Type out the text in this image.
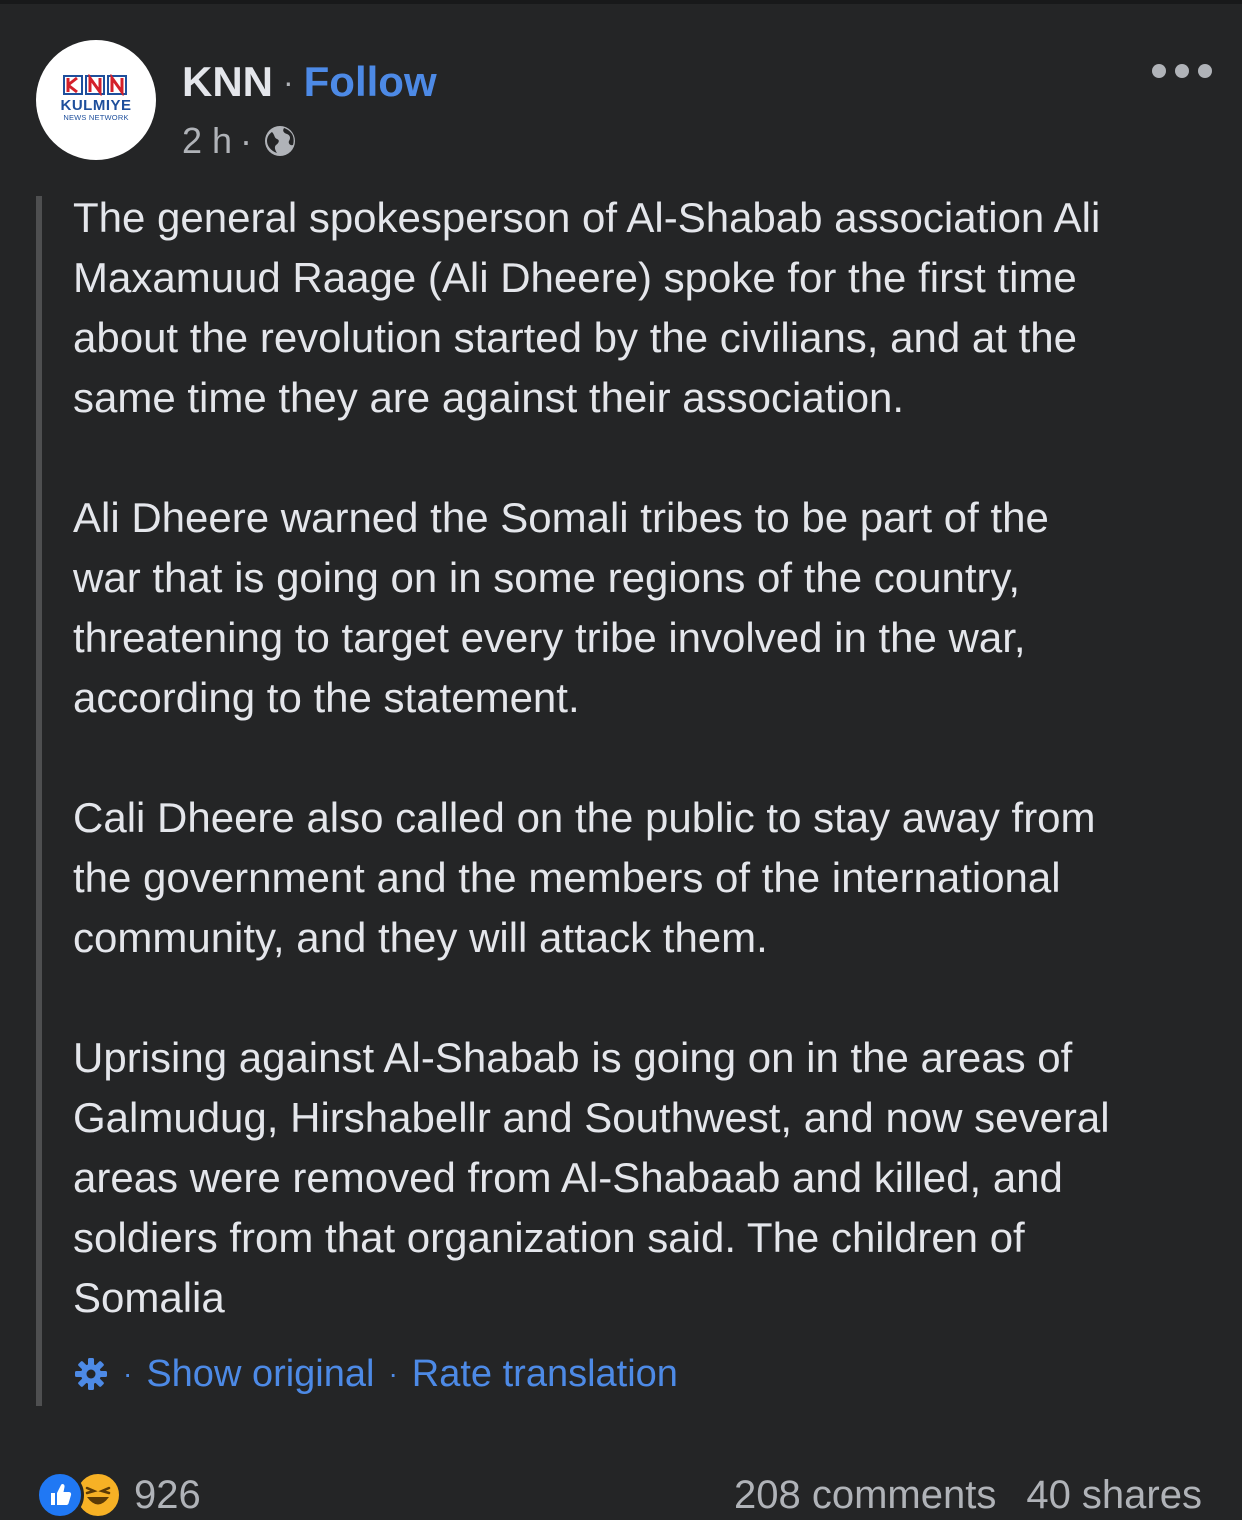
KULMIYE
NEWS NETWORK
KNN · Follow
2 h ·
The general spokesperson of Al-Shabab association Ali
Maxamuud Raage (Ali Dheere) spoke for the first time
about the revolution started by the civilians, and at the
same time they are against their association.
Ali Dheere warned the Somali tribes to be part of the
war that is going on in some regions of the country,
threatening to target every tribe involved in the war,
according to the statement.
Cali Dheere also called on the public to stay away from
the government and the members of the international
community, and they will attack them.
Uprising against Al-Shabab is going on in the areas of
Galmudug, Hirshabellr and Southwest, and now several
areas were removed from Al-Shabaab and killed, and
soldiers from that organization said. The children of
Somalia
· Show original · Rate translation
926	208 comments 40 shares
